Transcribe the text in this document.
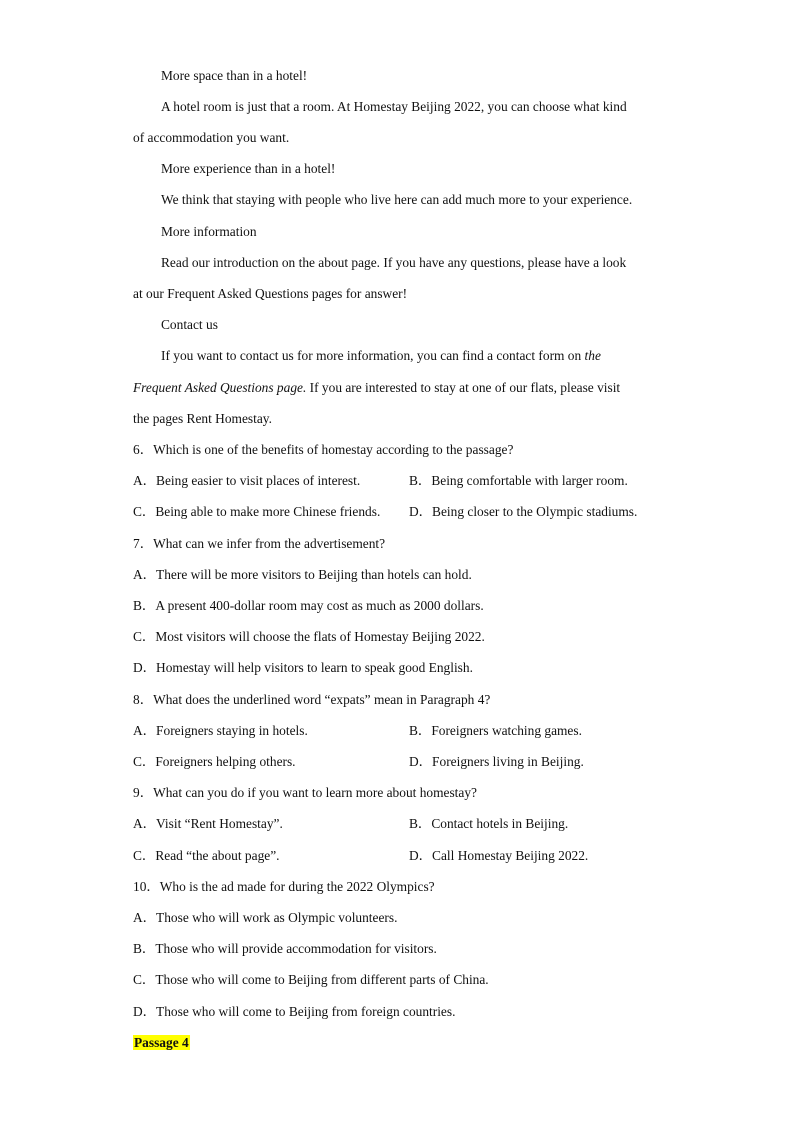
More space than in a hotel!
A hotel room is just that a room. At Homestay Beijing 2022, you can choose what kind
of accommodation you want.
More experience than in a hotel!
We think that staying with people who live here can add much more to your experience.
More information
Read our introduction on the about page. If you have any questions, please have a look
at our Frequent Asked Questions pages for answer!
Contact us
If you want to contact us for more information, you can find a contact form on the
Frequent Asked Questions page. If you are interested to stay at one of our flats, please visit
the pages Rent Homestay.
6．Which is one of the benefits of homestay according to the passage?
A．Being easier to visit places of interest.	B．Being comfortable with larger room.
C．Being able to make more Chinese friends. D．Being closer to the Olympic stadiums.
7．What can we infer from the advertisement?
A．There will be more visitors to Beijing than hotels can hold.
B．A present 400-dollar room may cost as much as 2000 dollars.
C．Most visitors will choose the flats of Homestay Beijing 2022.
D．Homestay will help visitors to learn to speak good English.
8．What does the underlined word “expats” mean in Paragraph 4?
A．Foreigners staying in hotels.	B．Foreigners watching games.
C．Foreigners helping others.	D．Foreigners living in Beijing.
9．What can you do if you want to learn more about homestay?
A．Visit “Rent Homestay”.	B．Contact hotels in Beijing.
C．Read “the about page”.	D．Call Homestay Beijing 2022.
10．Who is the ad made for during the 2022 Olympics?
A．Those who will work as Olympic volunteers.
B．Those who will provide accommodation for visitors.
C．Those who will come to Beijing from different parts of China.
D．Those who will come to Beijing from foreign countries.
Passage 4
